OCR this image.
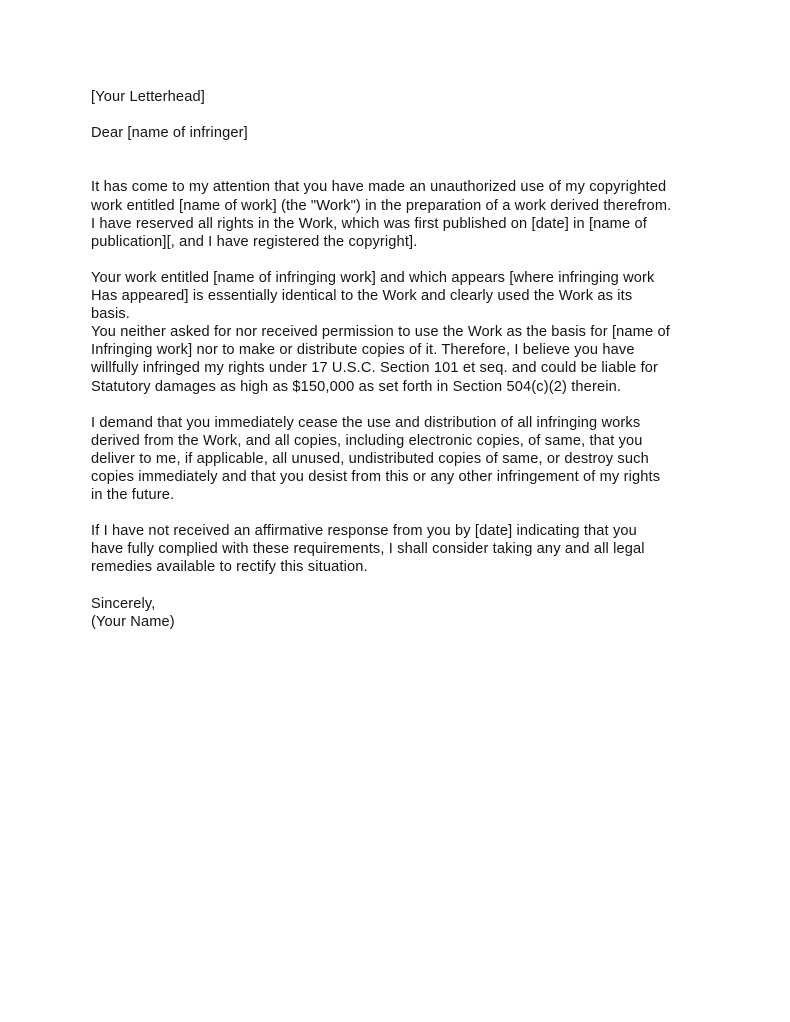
[Your Letterhead]
Dear [name of infringer]
It has come to my attention that you have made an unauthorized use of my copyrighted
work entitled [name of work] (the "Work") in the preparation of a work derived therefrom.
I have reserved all rights in the Work, which was first published on [date] in [name of
publication][, and I have registered the copyright].
Your work entitled [name of infringing work] and which appears [where infringing work
Has appeared] is essentially identical to the Work and clearly used the Work as its
basis.
You neither asked for nor received permission to use the Work as the basis for [name of
Infringing work] nor to make or distribute copies of it. Therefore, I believe you have
willfully infringed my rights under 17 U.S.C. Section 101 et seq. and could be liable for
Statutory damages as high as $150,000 as set forth in Section 504(c)(2) therein.
I demand that you immediately cease the use and distribution of all infringing works
derived from the Work, and all copies, including electronic copies, of same, that you
deliver to me, if applicable, all unused, undistributed copies of same, or destroy such
copies immediately and that you desist from this or any other infringement of my rights
in the future.
If I have not received an affirmative response from you by [date] indicating that you
have fully complied with these requirements, I shall consider taking any and all legal
remedies available to rectify this situation.
Sincerely,
(Your Name)
